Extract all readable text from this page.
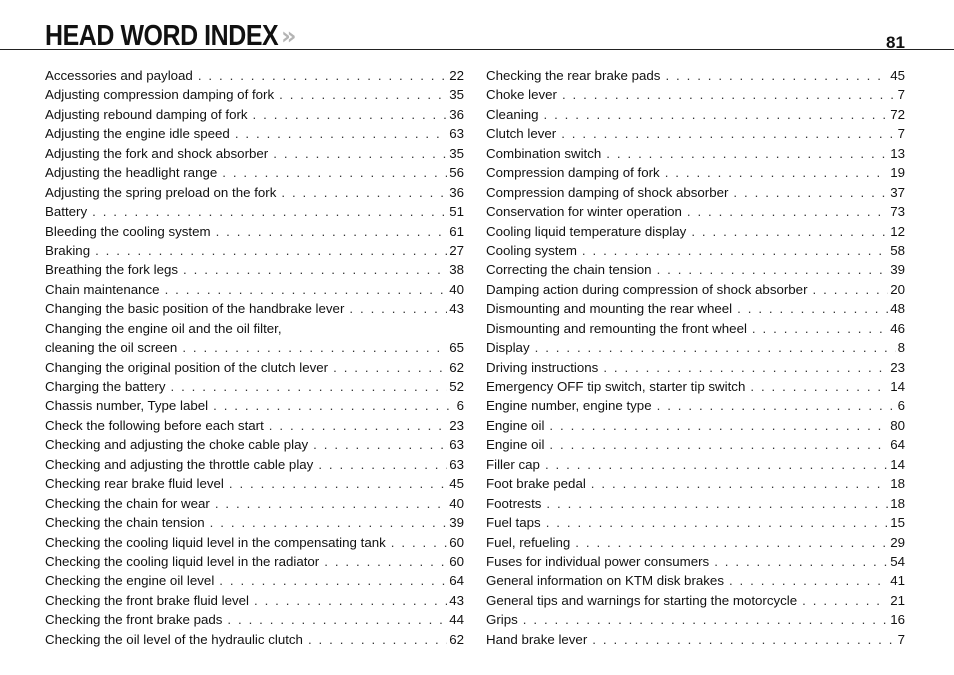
HEAD WORD INDEX »	81
Accessories and payload . . .	22
Adjusting compression damping of fork . . .	35
Adjusting rebound damping of fork . . .	36
Adjusting the engine idle speed . . .	63
Adjusting the fork and shock absorber . . .	35
Adjusting the headlight range . . .	56
Adjusting the spring preload on the fork . . .	36
Battery . . .	51
Bleeding the cooling system . . .	61
Braking . . .	27
Breathing the fork legs . . .	38
Chain maintenance . . .	40
Changing the basic position of the handbrake lever . . .	43
Changing the engine oil and the oil filter,
cleaning the oil screen . . .	65
Changing the original position of the clutch lever . . .	62
Charging the battery . . .	52
Chassis number, Type label . . .	6
Check the following before each start . . .	23
Checking and adjusting the choke cable play . . .	63
Checking and adjusting the throttle cable play . . .	63
Checking rear brake fluid level . . .	45
Checking the chain for wear . . .	40
Checking the chain tension . . .	39
Checking the cooling liquid level in the compensating tank . . .	60
Checking the cooling liquid level in the radiator . . .	60
Checking the engine oil level . . .	64
Checking the front brake fluid level . . .	43
Checking the front brake pads . . .	44
Checking the oil level of the hydraulic clutch . . .	62
Checking the rear brake pads . . .	45
Choke lever . . .	7
Cleaning . . .	72
Clutch lever . . .	7
Combination switch . . .	13
Compression damping of fork . . .	19
Compression damping of shock absorber . . .	37
Conservation for winter operation . . .	73
Cooling liquid temperature display . . .	12
Cooling system . . .	58
Correcting the chain tension . . .	39
Damping action during compression of shock absorber . . .	20
Dismounting and mounting the rear wheel . . .	48
Dismounting and remounting the front wheel . . .	46
Display . . .	8
Driving instructions . . .	23
Emergency OFF tip switch, starter tip switch . . .	14
Engine number, engine type . . .	6
Engine oil . . .	80
Engine oil . . .	64
Filler cap . . .	14
Foot brake pedal . . .	18
Footrests . . .	18
Fuel taps . . .	15
Fuel, refueling . . .	29
Fuses for individual power consumers . . .	54
General information on KTM disk brakes . . .	41
General tips and warnings for starting the motorcycle . . .	21
Grips . . .	16
Hand brake lever . . .	7
